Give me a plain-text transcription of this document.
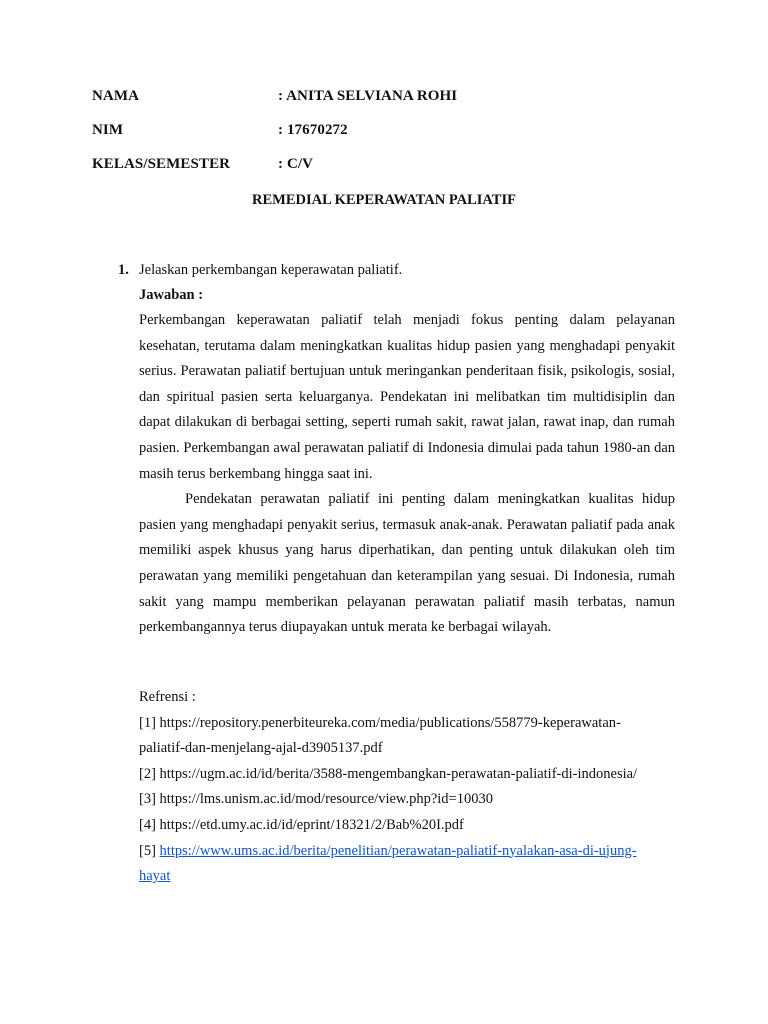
NAMA	: ANITA SELVIANA ROHI
NIM	: 17670272
KELAS/SEMESTER	: C/V
REMEDIAL KEPERAWATAN PALIATIF
1. Jelaskan perkembangan keperawatan paliatif.
Jawaban :

Perkembangan keperawatan paliatif telah menjadi fokus penting dalam pelayanan kesehatan, terutama dalam meningkatkan kualitas hidup pasien yang menghadapi penyakit serius. Perawatan paliatif bertujuan untuk meringankan penderitaan fisik, psikologis, sosial, dan spiritual pasien serta keluarganya. Pendekatan ini melibatkan tim multidisiplin dan dapat dilakukan di berbagai setting, seperti rumah sakit, rawat jalan, rawat inap, dan rumah pasien. Perkembangan awal perawatan paliatif di Indonesia dimulai pada tahun 1980-an dan masih terus berkembang hingga saat ini.

Pendekatan perawatan paliatif ini penting dalam meningkatkan kualitas hidup pasien yang menghadapi penyakit serius, termasuk anak-anak. Perawatan paliatif pada anak memiliki aspek khusus yang harus diperhatikan, dan penting untuk dilakukan oleh tim perawatan yang memiliki pengetahuan dan keterampilan yang sesuai. Di Indonesia, rumah sakit yang mampu memberikan pelayanan perawatan paliatif masih terbatas, namun perkembangannya terus diupayakan untuk merata ke berbagai wilayah.

Refrensi :
[1] https://repository.penerbiteureka.com/media/publications/558779-keperawatan-
paliatif-dan-menjelang-ajal-d3905137.pdf
[2] https://ugm.ac.id/id/berita/3588-mengembangkan-perawatan-paliatif-di-indonesia/
[3] https://lms.unism.ac.id/mod/resource/view.php?id=10030
[4] https://etd.umy.ac.id/id/eprint/18321/2/Bab%20I.pdf
[5] https://www.ums.ac.id/berita/penelitian/perawatan-paliatif-nyalakan-asa-di-ujung-
hayat
